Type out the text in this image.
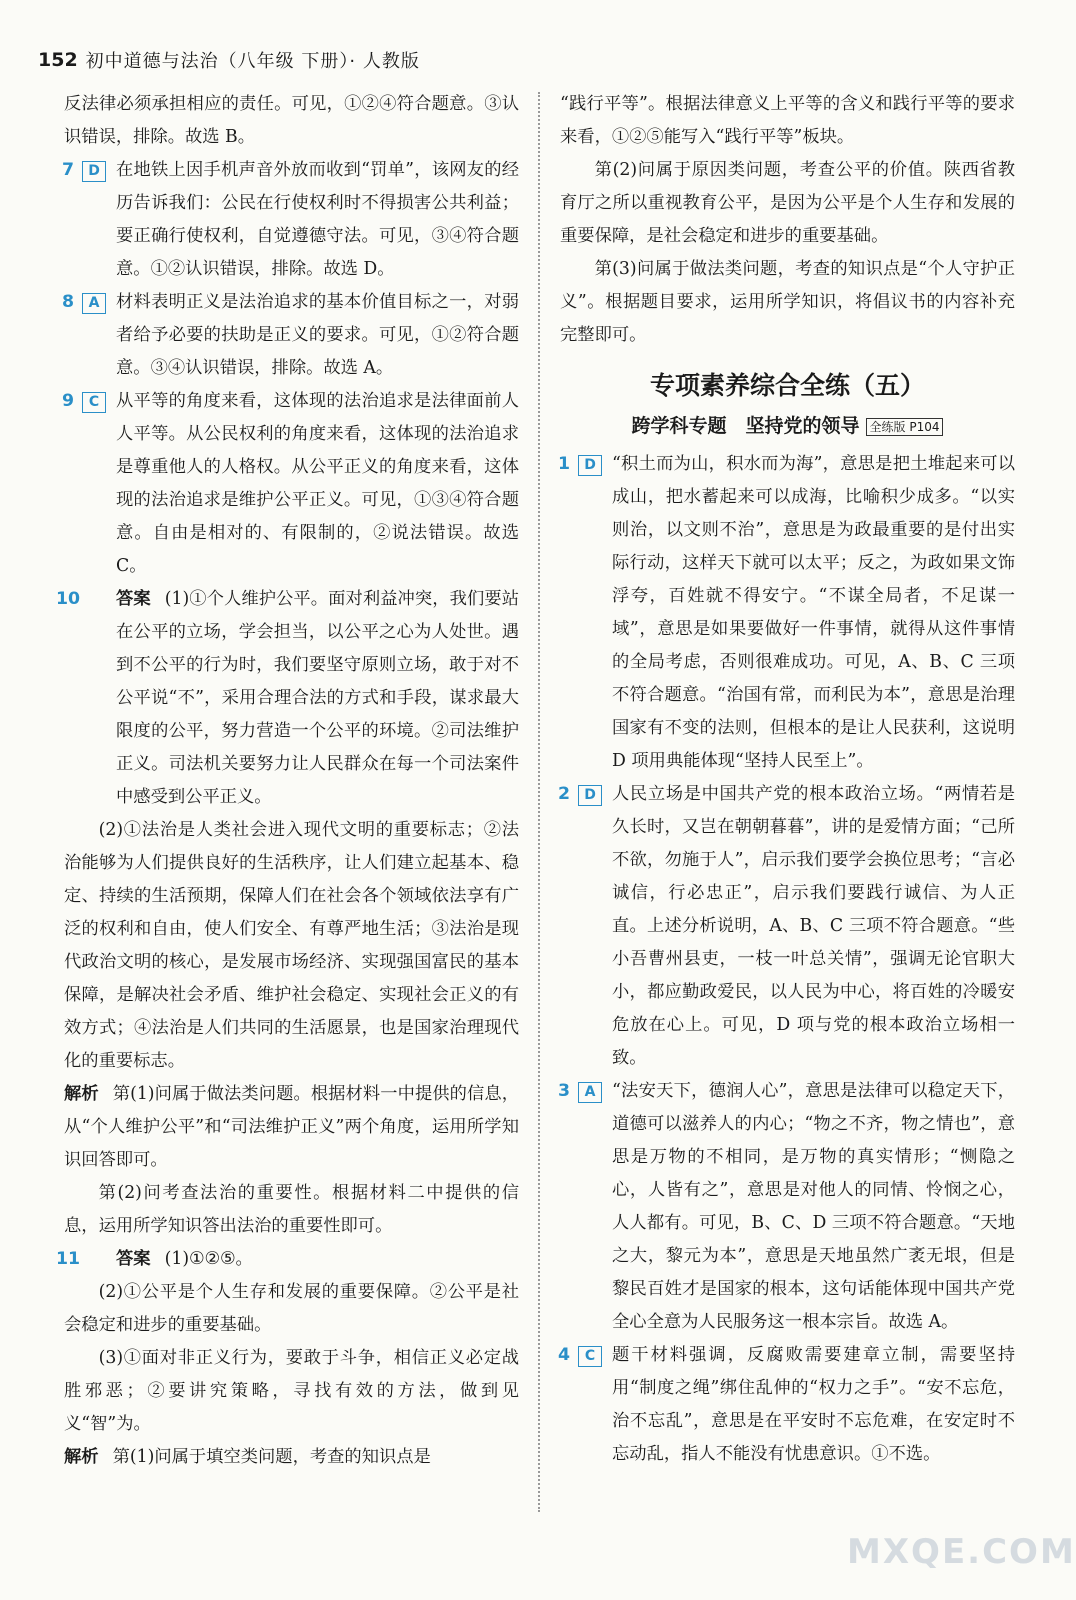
152 初中道德与法治（八年级 下册）· 人教版

反法律必须承担相应的责任。可见，①②④符合题意。③认识错误，排除。故选 B。

7	D 在地铁上因手机声音外放而收到“罚单”，该网友的经历告诉我们：公民在行使权利时不得损害公共利益；要正确行使权利，自觉遵德守法。可见，③④符合题意。①②认识错误，排除。故选 D。

8	A 材料表明正义是法治追求的基本价值目标之一，对弱者给予必要的扶助是正义的要求。可见，①②符合题意。③④认识错误，排除。故选 A。

9	C 从平等的角度来看，这体现的法治追求是法律面前人人平等。从公民权利的角度来看，这体现的法治追求是尊重他人的人格权。从公平正义的角度来看，这体现的法治追求是维护公平正义。可见，①③④符合题意。自由是相对的、有限制的，②说法错误。故选 C。

10 答案 (1)①个人维护公平。面对利益冲突，我们要站在公平的立场，学会担当，以公平之心为人处世。遇到不公平的行为时，我们要坚守原则立场，敢于对不公平说“不”，采用合理合法的方式和手段，谋求最大限度的公平，努力营造一个公平的环境。②司法维护正义。司法机关要努力让人民群众在每一个司法案件中感受到公平正义。

(2)①法治是人类社会进入现代文明的重要标志；②法治能够为人们提供良好的生活秩序，让人们建立起基本、稳定、持续的生活预期，保障人们在社会各个领域依法享有广泛的权利和自由，使人们安全、有尊严地生活；③法治是现代政治文明的核心，是发展市场经济、实现强国富民的基本保障，是解决社会矛盾、维护社会稳定、实现社会正义的有效方式；④法治是人们共同的生活愿景，也是国家治理现代化的重要标志。

解析 第(1)问属于做法类问题。根据材料一中提供的信息，从“个人维护公平”和“司法维护正义”两个角度，运用所学知识回答即可。

第(2)问考查法治的重要性。根据材料二中提供的信息，运用所学知识答出法治的重要性即可。

11 答案 (1)①②⑤。

(2)①公平是个人生存和发展的重要保障。②公平是社会稳定和进步的重要基础。

(3)①面对非正义行为，要敢于斗争，相信正义必定战胜邪恶；②要讲究策略，寻找有效的方法，做到见义“智”为。

解析 第(1)问属于填空类问题，考查的知识点是

“践行平等”。根据法律意义上平等的含义和践行平等的要求来看，①②⑤能写入“践行平等”板块。

第(2)问属于原因类问题，考查公平的价值。陕西省教育厅之所以重视教育公平，是因为公平是个人生存和发展的重要保障，是社会稳定和进步的重要基础。

第(3)问属于做法类问题，考查的知识点是“个人守护正义”。根据题目要求，运用所学知识，将倡议书的内容补充完整即可。

专项素养综合全练（五）
跨学科专题　坚持党的领导 全练版 P104

1	D “积土而为山，积水而为海”，意思是把土堆起来可以成山，把水蓄起来可以成海，比喻积少成多。“以实则治，以文则不治”，意思是为政最重要的是付出实际行动，这样天下就可以太平；反之，为政如果文饰浮夸，百姓就不得安宁。“不谋全局者，不足谋一域”，意思是如果要做好一件事情，就得从这件事情的全局考虑，否则很难成功。可见，A、B、C 三项不符合题意。“治国有常，而利民为本”，意思是治理国家有不变的法则，但根本的是让人民获利，这说明 D 项用典能体现“坚持人民至上”。

2	D 人民立场是中国共产党的根本政治立场。“两情若是久长时，又岂在朝朝暮暮”，讲的是爱情方面；“己所不欲，勿施于人”，启示我们要学会换位思考；“言必诚信，行必忠正”，启示我们要践行诚信、为人正直。上述分析说明，A、B、C 三项不符合题意。“些小吾曹州县吏，一枝一叶总关情”，强调无论官职大小，都应勤政爱民，以人民为中心，将百姓的冷暖安危放在心上。可见，D 项与党的根本政治立场相一致。

3	A “法安天下，德润人心”，意思是法律可以稳定天下，道德可以滋养人的内心；“物之不齐，物之情也”，意思是万物的不相同，是万物的真实情形；“恻隐之心，人皆有之”，意思是对他人的同情、怜悯之心，人人都有。可见，B、C、D 三项不符合题意。“天地之大，黎元为本”，意思是天地虽然广袤无垠，但是黎民百姓才是国家的根本，这句话能体现中国共产党全心全意为人民服务这一根本宗旨。故选 A。

4	C 题干材料强调，反腐败需要建章立制，需要坚持用“制度之绳”绑住乱伸的“权力之手”。“安不忘危，治不忘乱”，意思是在平安时不忘危难，在安定时不忘动乱，指人不能没有忧患意识。①不选。

MXQE.COM
